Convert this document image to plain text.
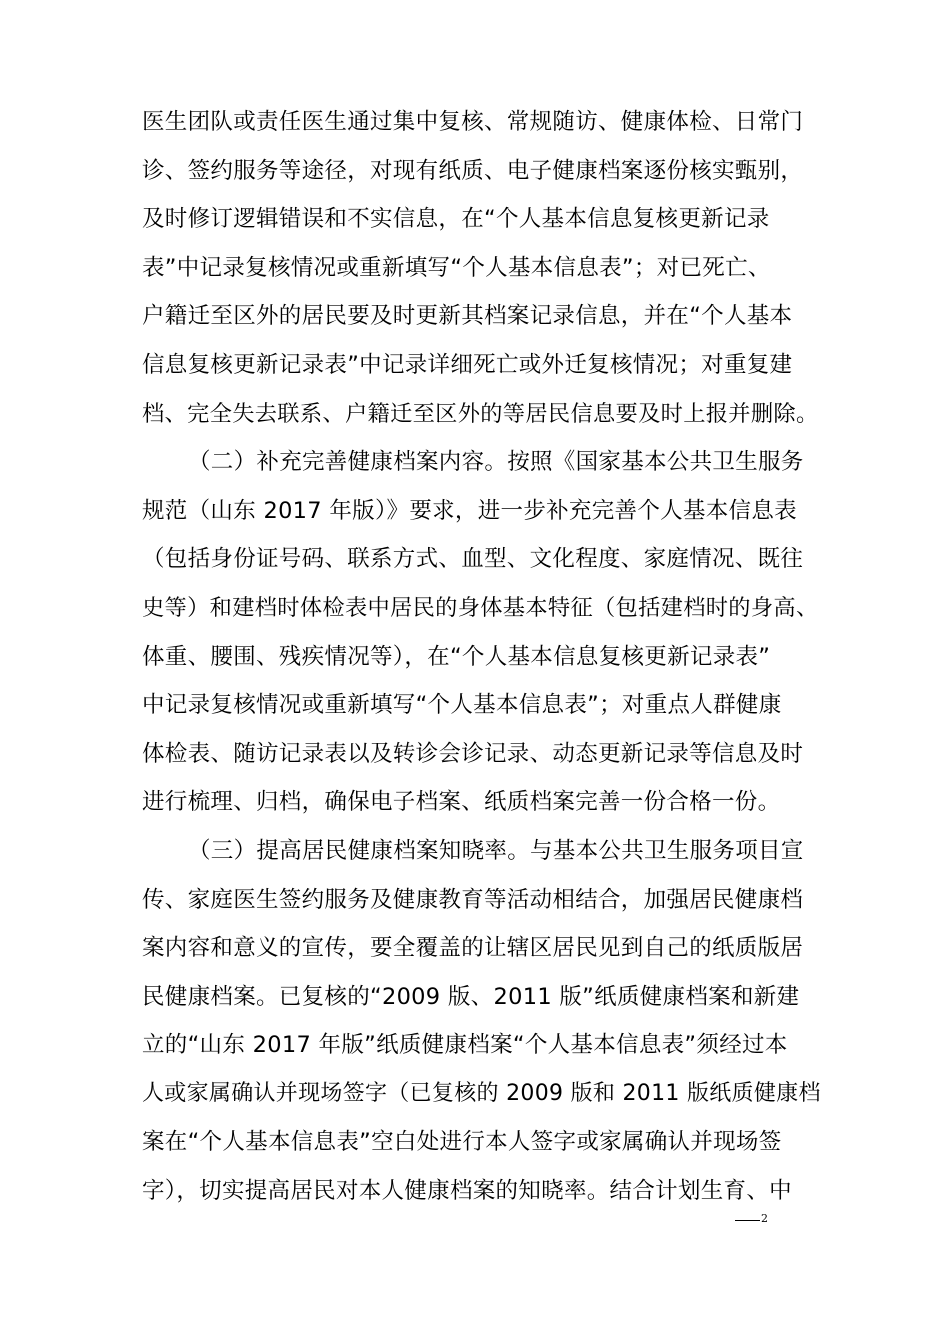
医生团队或责任医生通过集中复核、常规随访、健康体检、日常门
诊、签约服务等途径，对现有纸质、电子健康档案逐份核实甄别，
及时修订逻辑错误和不实信息，在“个人基本信息复核更新记录
表”中记录复核情况或重新填写“个人基本信息表”；对已死亡、
户籍迁至区外的居民要及时更新其档案记录信息，并在“个人基本
信息复核更新记录表”中记录详细死亡或外迁复核情况；对重复建
档、完全失去联系、户籍迁至区外的等居民信息要及时上报并删除。
（二）补充完善健康档案内容。按照《国家基本公共卫生服务
规范（山东 2017 年版）》要求，进一步补充完善个人基本信息表
（包括身份证号码、联系方式、血型、文化程度、家庭情况、既往
史等）和建档时体检表中居民的身体基本特征（包括建档时的身高、
体重、腰围、残疾情况等），在“个人基本信息复核更新记录表”
中记录复核情况或重新填写“个人基本信息表”；对重点人群健康
体检表、随访记录表以及转诊会诊记录、动态更新记录等信息及时
进行梳理、归档，确保电子档案、纸质档案完善一份合格一份。
（三）提高居民健康档案知晓率。与基本公共卫生服务项目宣
传、家庭医生签约服务及健康教育等活动相结合，加强居民健康档
案内容和意义的宣传，要全覆盖的让辖区居民见到自己的纸质版居
民健康档案。已复核的“2009 版、2011 版”纸质健康档案和新建
立的“山东 2017 年版”纸质健康档案“个人基本信息表”须经过本
人或家属确认并现场签字（已复核的 2009 版和 2011 版纸质健康档
案在“个人基本信息表”空白处进行本人签字或家属确认并现场签
字），切实提高居民对本人健康档案的知晓率。结合计划生育、中
2
